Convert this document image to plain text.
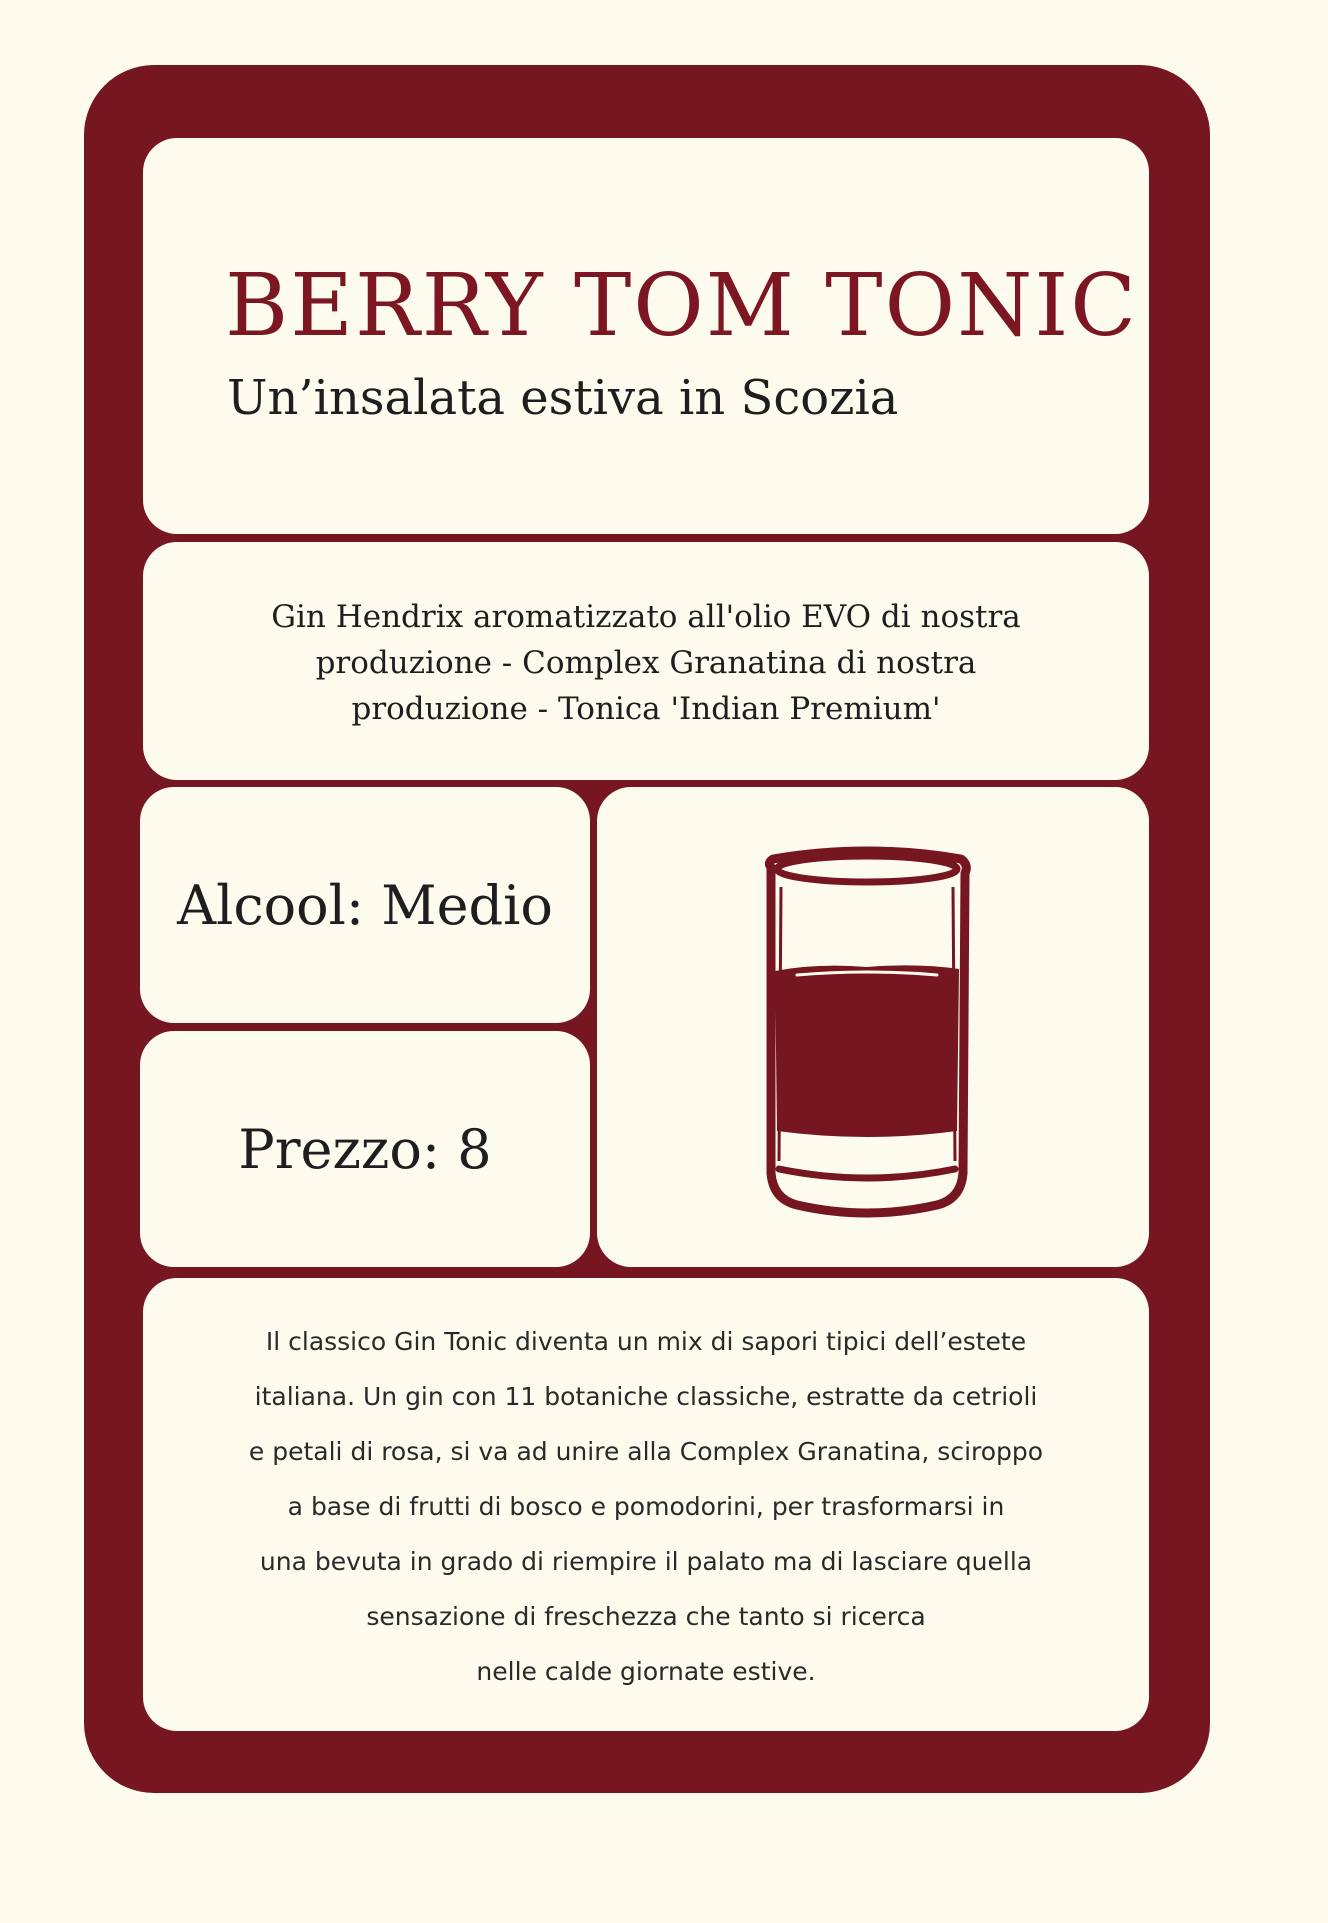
BERRY TOM TONIC
Un’insalata estiva in Scozia

Gin Hendrix aromatizzato all'olio EVO di nostra
produzione - Complex Granatina di nostra
produzione - Tonica 'Indian Premium'

Alcool: Medio

Prezzo: 8

Il classico Gin Tonic diventa un mix di sapori tipici dell’estete
italiana. Un gin con 11 botaniche classiche, estratte da cetrioli
e petali di rosa, si va ad unire alla Complex Granatina, sciroppo
a base di frutti di bosco e pomodorini, per trasformarsi in
una bevuta in grado di riempire il palato ma di lasciare quella
sensazione di freschezza che tanto si ricerca
nelle calde giornate estive.
